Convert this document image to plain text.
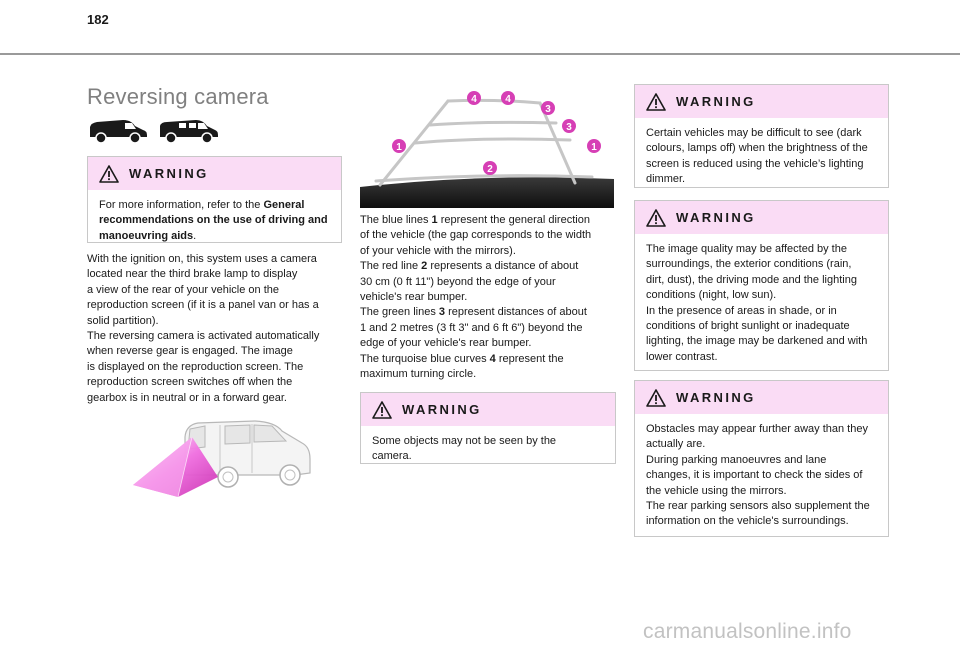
182
Reversing camera
WARNING
For more information, refer to the General recommendations on the use of driving and manoeuvring aids.
With the ignition on, this system uses a camera
located near the third brake lamp to display
a view of the rear of your vehicle on the
reproduction screen (if it is a panel van or has a
solid partition).
The reversing camera is activated automatically
when reverse gear is engaged. The image
is displayed on the reproduction screen. The
reproduction screen switches off when the
gearbox is in neutral or in a forward gear.
4	4
3
3
1	1
2
The blue lines 1 represent the general direction
of the vehicle (the gap corresponds to the width
of your vehicle with the mirrors).
The red line 2 represents a distance of about
30 cm (0 ft 11") beyond the edge of your
vehicle's rear bumper.
The green lines 3 represent distances of about
1 and 2 metres (3 ft 3" and 6 ft 6") beyond the
edge of your vehicle's rear bumper.
The turquoise blue curves 4 represent the
maximum turning circle.
WARNING
Some objects may not be seen by the
camera.
WARNING
Certain vehicles may be difficult to see (dark
colours, lamps off) when the brightness of the
screen is reduced using the vehicle’s lighting
dimmer.
WARNING
The image quality may be affected by the
surroundings, the exterior conditions (rain,
dirt, dust), the driving mode and the lighting
conditions (night, low sun).
In the presence of areas in shade, or in
conditions of bright sunlight or inadequate
lighting, the image may be darkened and with
lower contrast.
WARNING
Obstacles may appear further away than they
actually are.
During parking manoeuvres and lane
changes, it is important to check the sides of
the vehicle using the mirrors.
The rear parking sensors also supplement the
information on the vehicle's surroundings.
carmanualsonline.info
